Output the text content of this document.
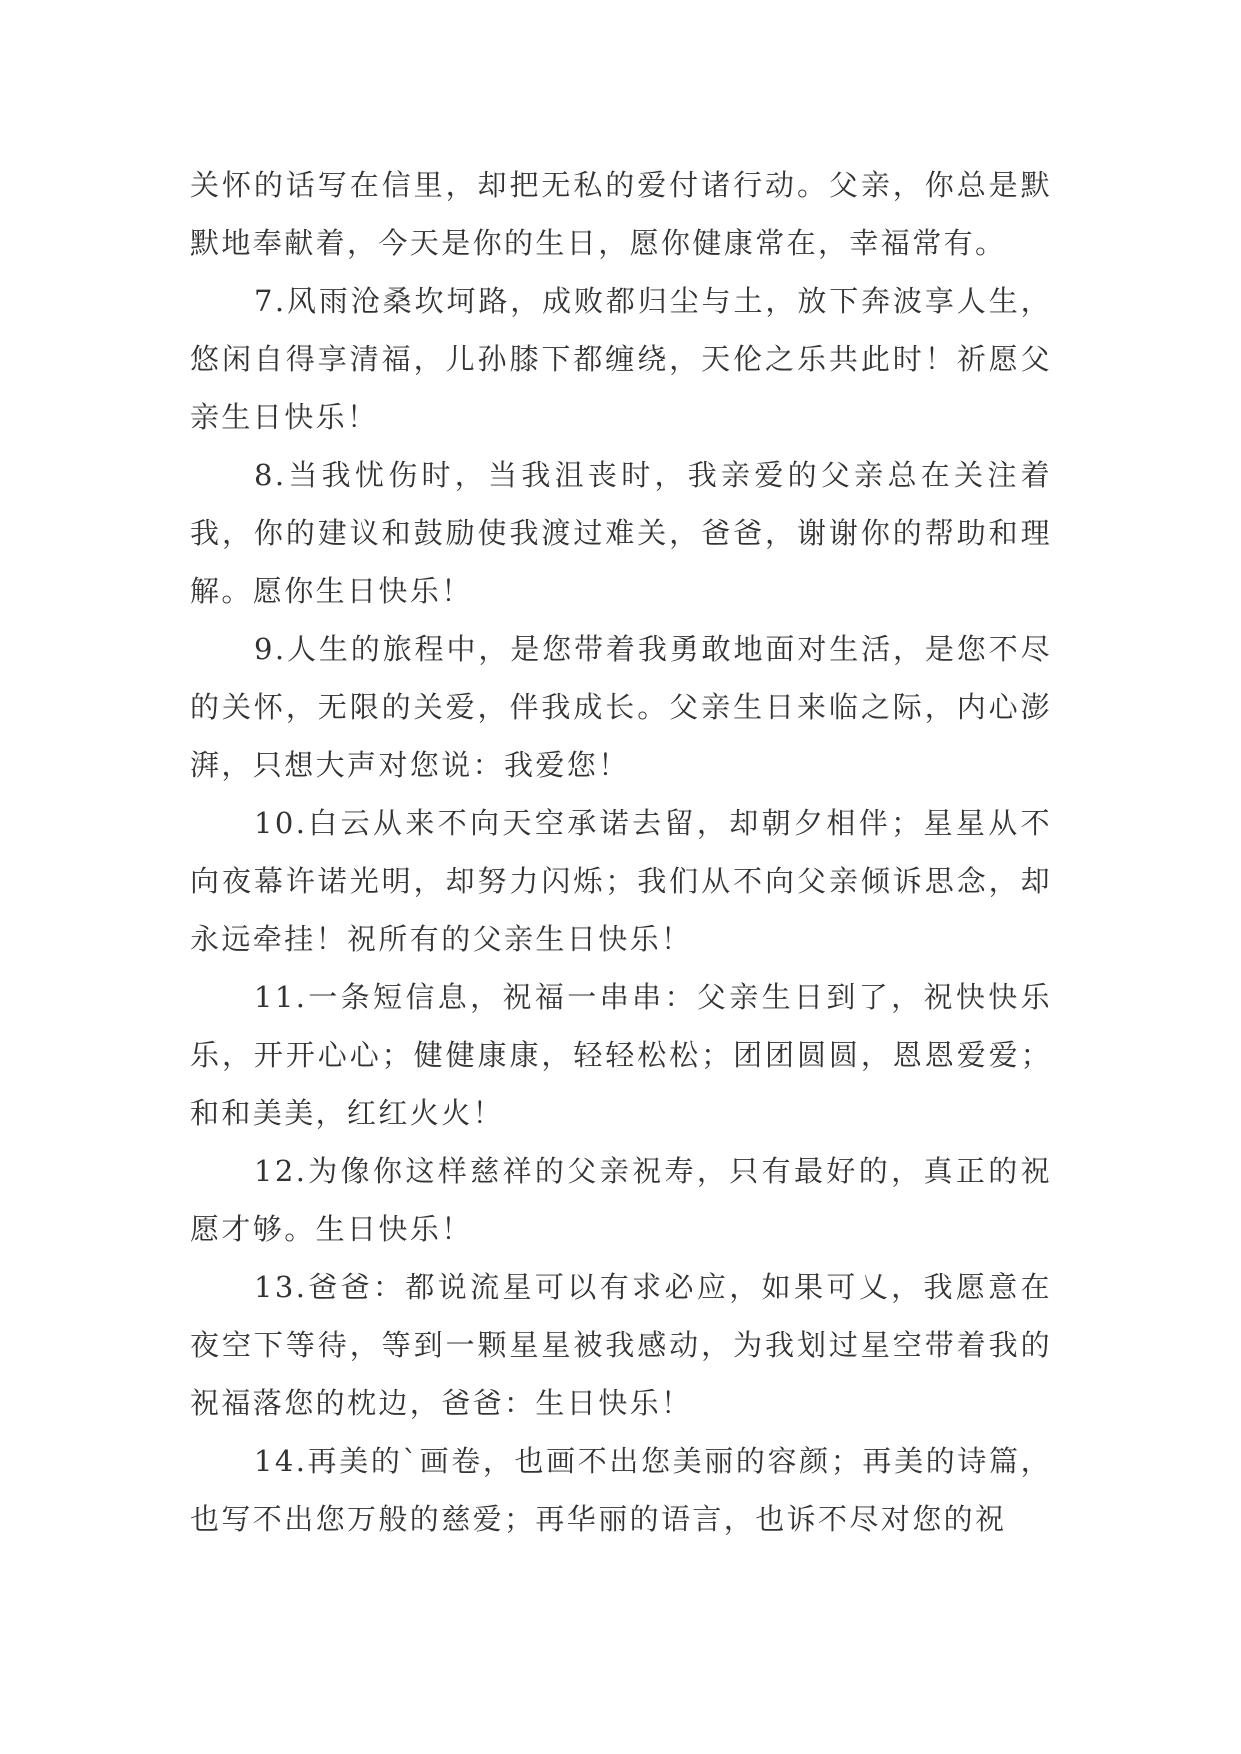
关怀的话写在信里，却把无私的爱付诸行动。父亲，你总是默默地奉献着，今天是你的生日，愿你健康常在，幸福常有。

7.风雨沧桑坎坷路，成败都归尘与土，放下奔波享人生，悠闲自得享清福，儿孙膝下都缠绕，天伦之乐共此时！祈愿父亲生日快乐！

8.当我忧伤时，当我沮丧时，我亲爱的父亲总在关注着我，你的建议和鼓励使我渡过难关，爸爸，谢谢你的帮助和理解。愿你生日快乐！

9.人生的旅程中，是您带着我勇敢地面对生活，是您不尽的关怀，无限的关爱，伴我成长。父亲生日来临之际，内心澎湃，只想大声对您说：我爱您！

10.白云从来不向天空承诺去留，却朝夕相伴；星星从不向夜幕许诺光明，却努力闪烁；我们从不向父亲倾诉思念，却永远牵挂！祝所有的父亲生日快乐！

11.一条短信息，祝福一串串：父亲生日到了，祝快快乐乐，开开心心；健健康康，轻轻松松；团团圆圆，恩恩爱爱；和和美美，红红火火！

12.为像你这样慈祥的父亲祝寿，只有最好的，真正的祝愿才够。生日快乐！

13.爸爸：都说流星可以有求必应，如果可乂，我愿意在夜空下等待，等到一颗星星被我感动，为我划过星空带着我的祝福落您的枕边，爸爸：生日快乐！

14.再美的`画卷，也画不出您美丽的容颜；再美的诗篇，也写不出您万般的慈爱；再华丽的语言，也诉不尽对您的祝
